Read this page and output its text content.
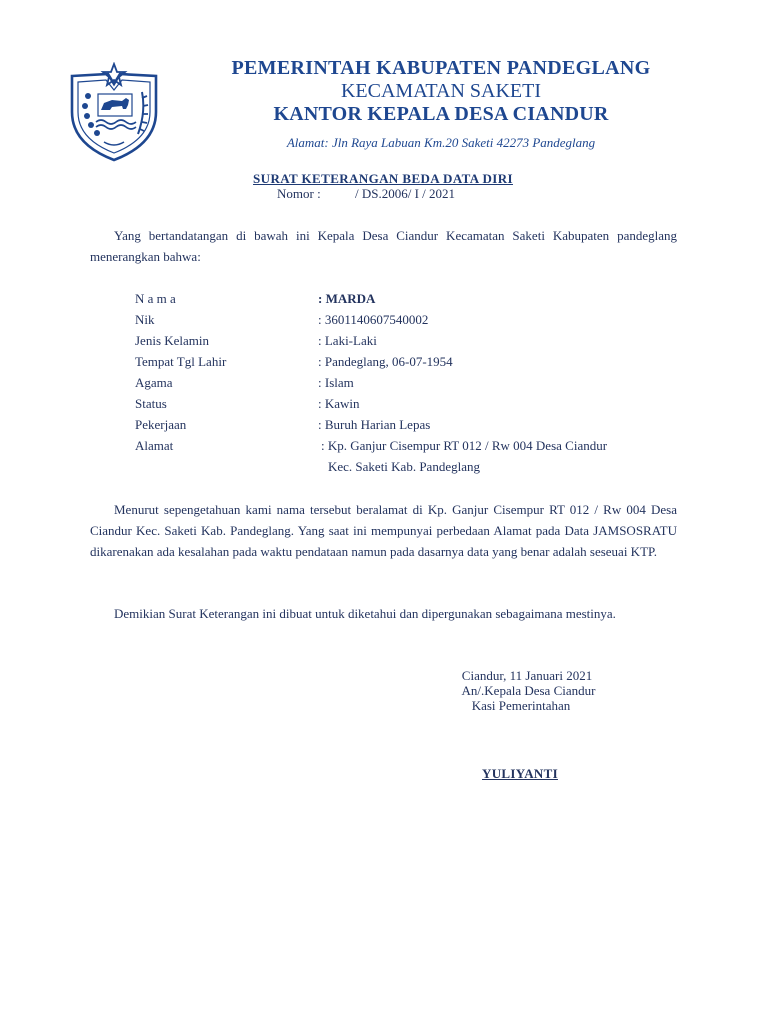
PEMERINTAH KABUPATEN PANDEGLANG
KECAMATAN SAKETI
KANTOR KEPALA DESA CIANDUR
Alamat: Jln Raya Labuan Km.20 Saketi 42273 Pandeglang
SURAT KETERANGAN BEDA DATA DIRI
Nomor :	/ DS.2006/ I / 2021

Yang bertandatangan di bawah ini Kepala Desa Ciandur Kecamatan Saketi Kabupaten pandeglang menerangkan bahwa:

N a m a	: MARDA
Nik	: 3601140607540002
Jenis Kelamin	: Laki-Laki
Tempat Tgl Lahir	: Pandeglang, 06-07-1954
Agama	: Islam
Status	: Kawin
Pekerjaan	: Buruh Harian Lepas
Alamat	: Kp. Ganjur Cisempur RT 012 / Rw 004 Desa Ciandur
Kec. Saketi Kab. Pandeglang

Menurut sepengetahuan kami nama tersebut beralamat di Kp. Ganjur Cisempur RT 012 / Rw 004 Desa Ciandur Kec. Saketi Kab. Pandeglang. Yang saat ini mempunyai perbedaan Alamat pada Data JAMSOSRATU dikarenakan ada kesalahan pada waktu pendataan namun pada dasarnya data yang benar adalah seseuai KTP.

Demikian Surat Keterangan ini dibuat untuk diketahui dan dipergunakan sebagaimana mestinya.

Ciandur, 11 Januari 2021
An/.Kepala Desa Ciandur
Kasi Pemerintahan
YULIYANTI
